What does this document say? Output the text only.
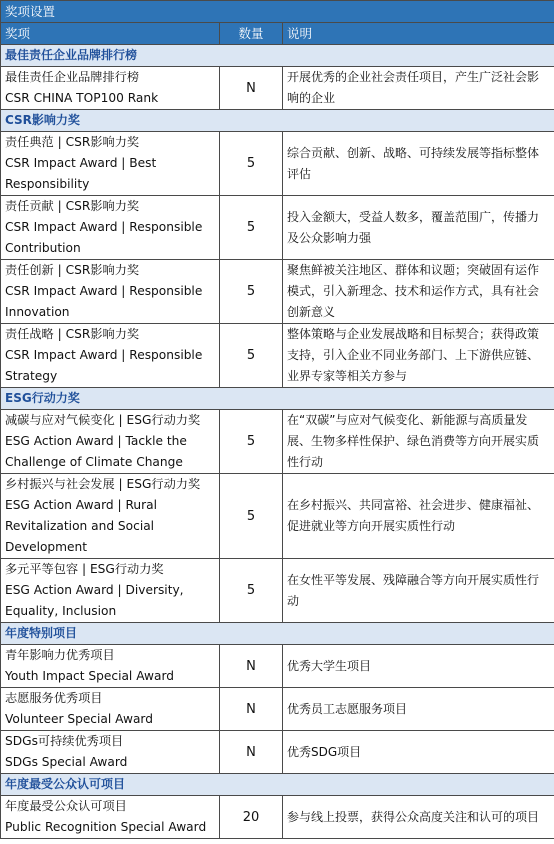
奖项设置		
奖项	数量	说明
最佳责任企业品牌排行榜		

最佳责任企业品牌排行榜
CSR CHINA TOP100 Rank	N	开展优秀的企业社会责任项目，产生广泛社会影响的企业

CSR影响力奖		

责任典范 | CSR影响力奖
CSR Impact Award | Best
Responsibility	5	综合贡献、创新、战略、可持续发展等指标整体评估

责任贡献 | CSR影响力奖
CSR Impact Award | Responsible
Contribution	5	投入金额大，受益人数多，覆盖范围广，传播力及公众影响力强

责任创新 | CSR影响力奖
CSR Impact Award | Responsible
Innovation	5	聚焦鲜被关注地区、群体和议题；突破固有运作模式，引入新理念、技术和运作方式，具有社会创新意义

责任战略 | CSR影响力奖
CSR Impact Award | Responsible
Strategy	5	整体策略与企业发展战略和目标契合；获得政策支持，引入企业不同业务部门、上下游供应链、业界专家等相关方参与

ESG行动力奖		

减碳与应对气候变化 | ESG行动力奖
ESG Action Award | Tackle the
Challenge of Climate Change	5	在“双碳”与应对气候变化、新能源与高质量发展、生物多样性保护、绿色消费等方向开展实质性行动

乡村振兴与社会发展 | ESG行动力奖
ESG Action Award | Rural
Revitalization and Social
Development	5	在乡村振兴、共同富裕、社会进步、健康福祉、促进就业等方向开展实质性行动

多元平等包容 | ESG行动力奖
ESG Action Award | Diversity,
Equality, Inclusion	5	在女性平等发展、残障融合等方向开展实质性行动

年度特别项目		

青年影响力优秀项目
Youth Impact Special Award	N	优秀大学生项目

志愿服务优秀项目
Volunteer Special Award	N	优秀员工志愿服务项目

SDGs可持续优秀项目
SDGs Special Award	N	优秀SDG项目

年度最受公众认可项目		

年度最受公众认可项目
Public Recognition Special Award	20	参与线上投票，获得公众高度关注和认可的项目
